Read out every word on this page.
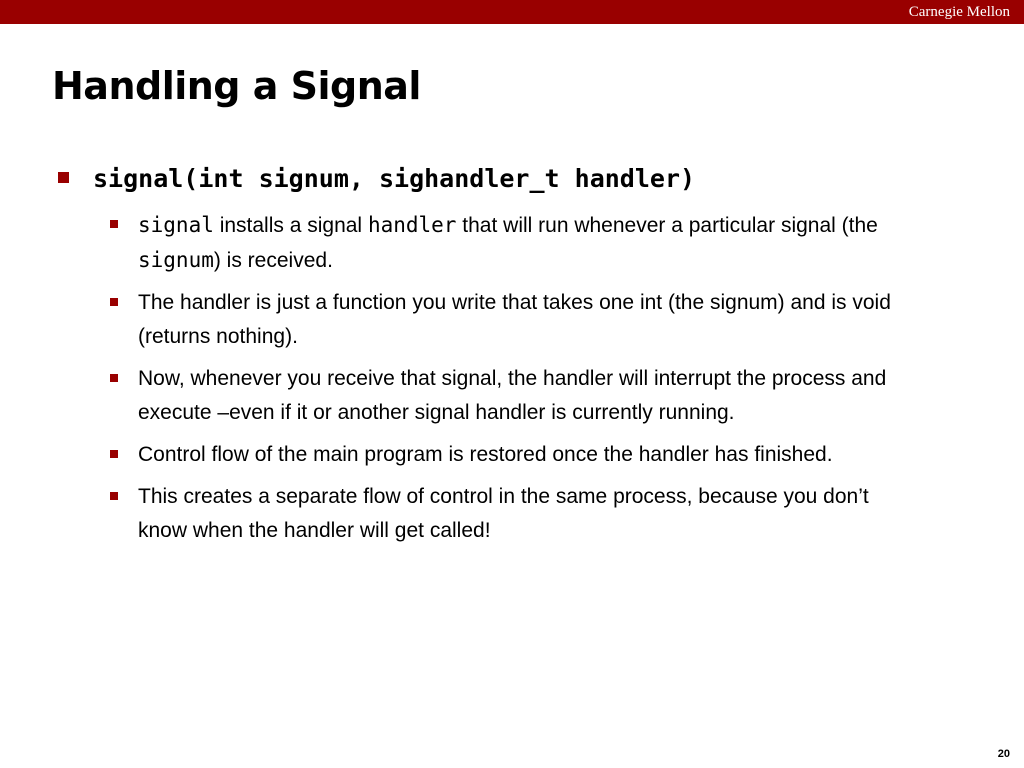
Carnegie Mellon
Handling a Signal
signal(int signum, sighandler_t handler)
signal installs a signal handler that will run whenever a particular signal (the signum) is received.
The handler is just a function you write that takes one int (the signum) and is void (returns nothing).
Now, whenever you receive that signal, the handler will interrupt the process and execute –even if it or another signal handler is currently running.
Control flow of the main program is restored once the handler has finished.
This creates a separate flow of control in the same process, because you don’t know when the handler will get called!
20
